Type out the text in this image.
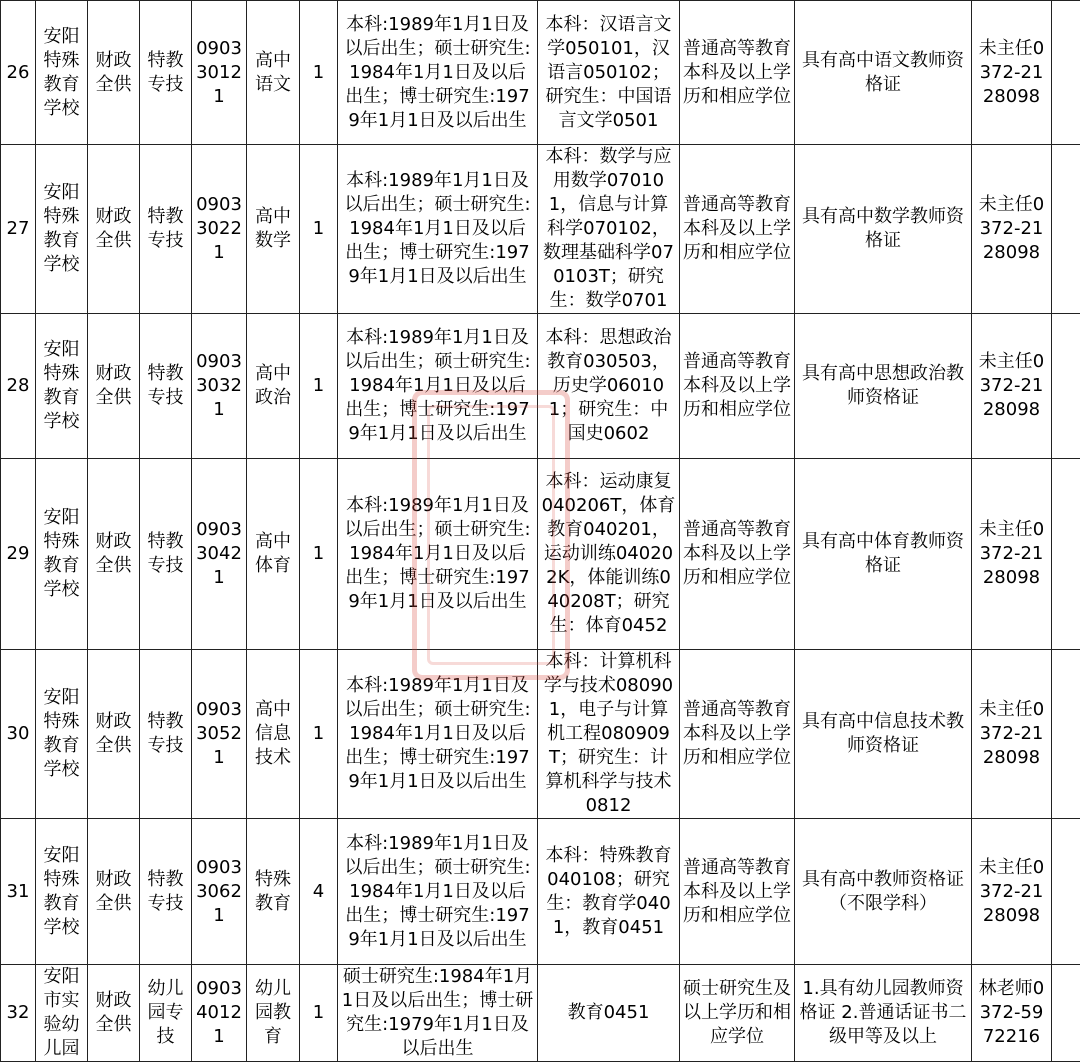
26	安阳特殊教育学校	财政全供	特教专技	090330121	高中语文	1	本科:1989年1月1日及以后出生；硕士研究生:1984年1月1日及以后出生；博士研究生:1979年1月1日及以后出生	本科：汉语言文学050101，汉语言050102；研究生：中国语言文学0501	普通高等教育本科及以上学历和相应学位	具有高中语文教师资格证	未主任0372-2128098	
27	安阳特殊教育学校	财政全供	特教专技	090330221	高中数学	1	本科:1989年1月1日及以后出生；硕士研究生:1984年1月1日及以后出生；博士研究生:1979年1月1日及以后出生	本科：数学与应用数学070101，信息与计算科学070102，数理基础科学070103T；研究生：数学0701	普通高等教育本科及以上学历和相应学位	具有高中数学教师资格证	未主任0372-2128098	
28	安阳特殊教育学校	财政全供	特教专技	090330321	高中政治	1	本科:1989年1月1日及以后出生；硕士研究生:1984年1月1日及以后出生；博士研究生:1979年1月1日及以后出生	本科：思想政治教育030503，历史学060101；研究生：中国史0602	普通高等教育本科及以上学历和相应学位	具有高中思想政治教师资格证	未主任0372-2128098	
29	安阳特殊教育学校	财政全供	特教专技	090330421	高中体育	1	本科:1989年1月1日及以后出生；硕士研究生:1984年1月1日及以后出生；博士研究生:1979年1月1日及以后出生	本科：运动康复040206T，体育教育040201，运动训练040202K，体能训练040208T；研究生：体育0452	普通高等教育本科及以上学历和相应学位	具有高中体育教师资格证	未主任0372-2128098	
30	安阳特殊教育学校	财政全供	特教专技	090330521	高中信息技术	1	本科:1989年1月1日及以后出生；硕士研究生:1984年1月1日及以后出生；博士研究生:1979年1月1日及以后出生	本科：计算机科学与技术080901，电子与计算机工程080909T；研究生：计算机科学与技术0812	普通高等教育本科及以上学历和相应学位	具有高中信息技术教师资格证	未主任0372-2128098	
31	安阳特殊教育学校	财政全供	特教专技	090330621	特殊教育	4	本科:1989年1月1日及以后出生；硕士研究生:1984年1月1日及以后出生；博士研究生:1979年1月1日及以后出生	本科：特殊教育040108；研究生：教育学0401，教育0451	普通高等教育本科及以上学历和相应学位	具有高中教师资格证（不限学科）	未主任0372-2128098	
32	安阳市实验幼儿园	财政全供	幼儿园专技	090340121	幼儿园教育	1	硕士研究生:1984年1月1日及以后出生；博士研究生:1979年1月1日及以后出生	教育0451	硕士研究生及以上学历和相应学位	1.具有幼儿园教师资格证 2.普通话证书二级甲等及以上	林老师0372-5972216	
